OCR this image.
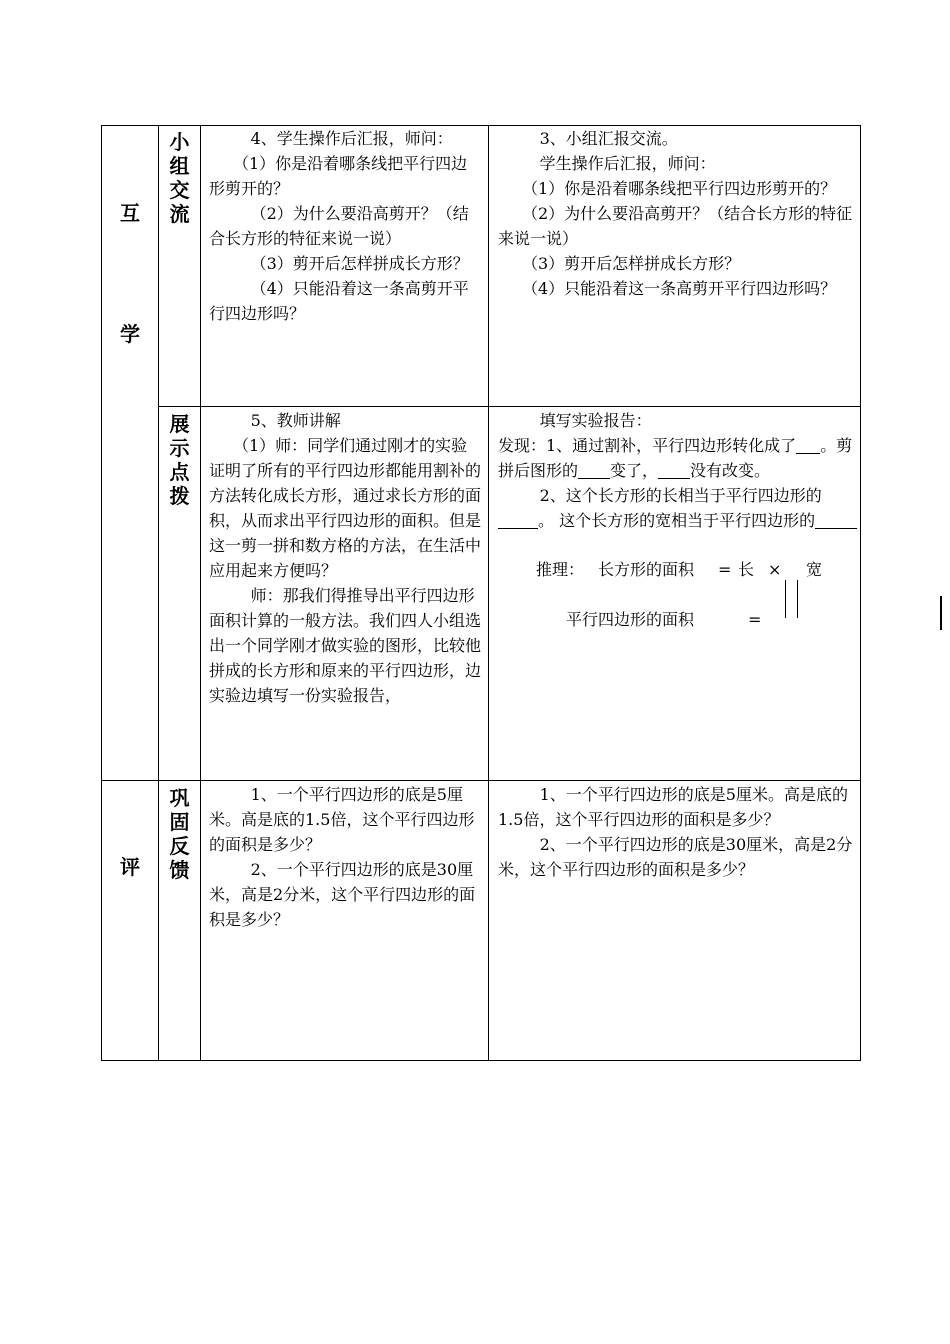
互
学
评
小
组
交
流
展
示
点
拨
巩
固
反
馈

4、学生操作后汇报，师问：

（1）你是沿着哪条线把平行四边形剪开的？

（2）为什么要沿高剪开？（结合长方形的特征来说一说）

（3）剪开后怎样拼成长方形？

（4）只能沿着这一条高剪开平行四边形吗？

3、小组汇报交流。

学生操作后汇报，师问：

（1）你是沿着哪条线把平行四边形剪开的？

（2）为什么要沿高剪开？（结合长方形的特征来说一说）

（3）剪开后怎样拼成长方形？

（4）只能沿着这一条高剪开平行四边形吗？

5、教师讲解

（1）师：同学们通过刚才的实验证明了所有的平行四边形都能用割补的方法转化成长方形，通过求长方形的面积，从而求出平行四边形的面积。但是这一剪一拼和数方格的方法，在生活中应用起来方便吗？

师：那我们得推导出平行四边形面积计算的一般方法。我们四人小组选出一个同学刚才做实验的图形，比较他拼成的长方形和原来的平行四边形，边实验边填写一份实验报告，

填写实验报告：

发现：1、通过割补，平行四边形转化成了 。剪拼后图形的 变了， 没有改变。

2、这个长方形的长相当于平行四边形的。 这个长方形的宽相当于平行四边形的

推理： 长方形的面积 = 长 × 宽
平行四边形的面积	=

1、一个平行四边形的底是5厘米。高是底的1.5倍，这个平行四边形的面积是多少？

2、一个平行四边形的底是30厘米，高是2分米，这个平行四边形的面积是多少？

1、一个平行四边形的底是5厘米。高是底的1.5倍，这个平行四边形的面积是多少？

2、一个平行四边形的底是30厘米，高是2分米，这个平行四边形的面积是多少？
